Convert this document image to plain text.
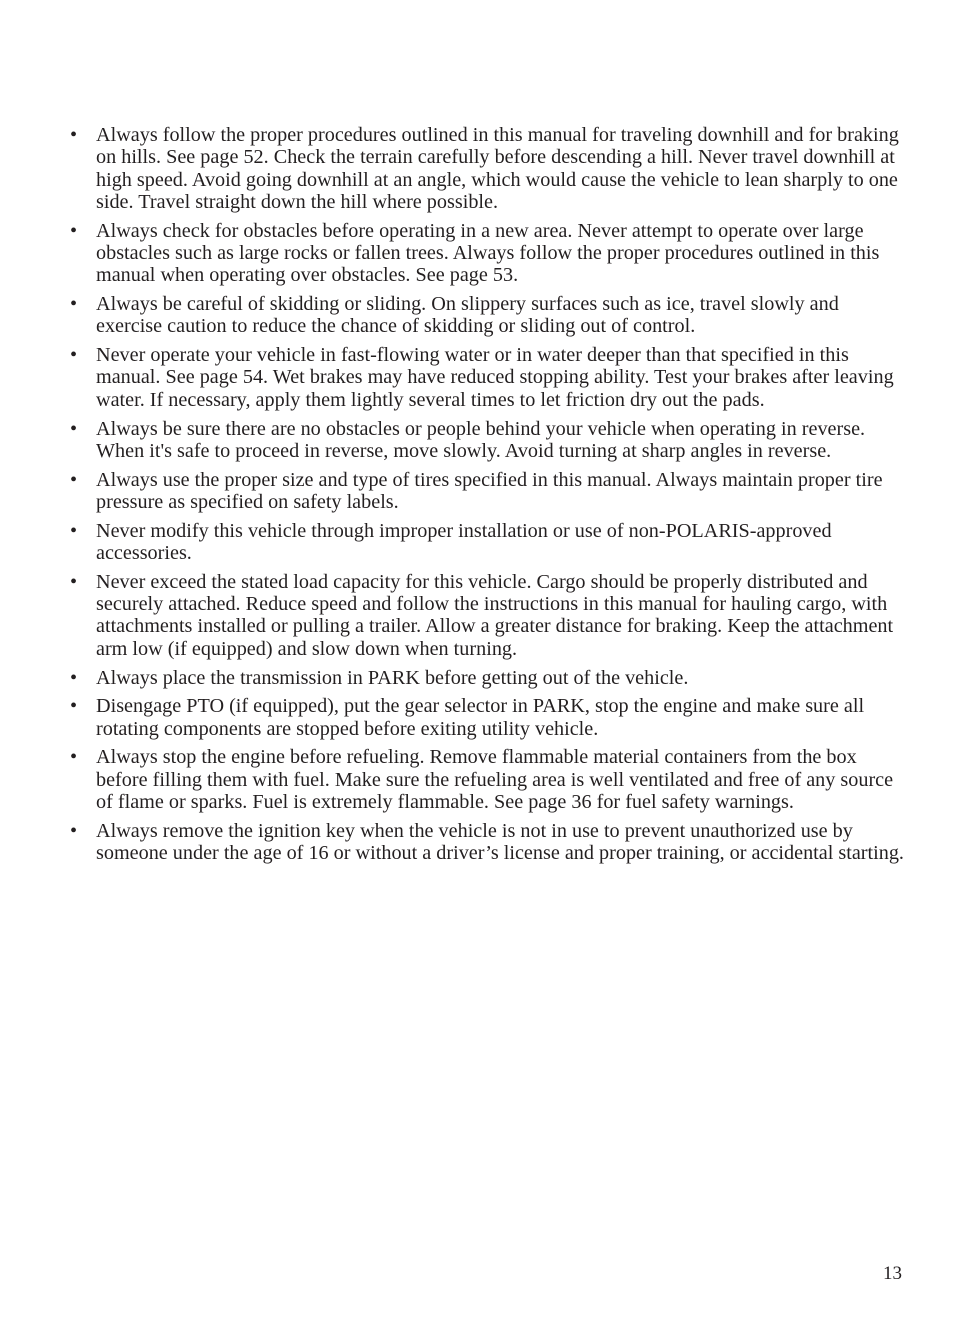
• Always follow the proper procedures outlined in this manual for traveling downhill and for braking on hills. See page 52. Check the terrain carefully before descending a hill. Never travel downhill at high speed. Avoid going downhill at an angle, which would cause the vehicle to lean sharply to one side. Travel straight down the hill where possible.
• Always check for obstacles before operating in a new area. Never attempt to operate over large obstacles such as large rocks or fallen trees. Always follow the proper procedures outlined in this manual when operating over obstacles. See page 53.
• Always be careful of skidding or sliding. On slippery surfaces such as ice, travel slowly and exercise caution to reduce the chance of skidding or sliding out of control.
• Never operate your vehicle in fast-flowing water or in water deeper than that specified in this manual. See page 54. Wet brakes may have reduced stopping ability. Test your brakes after leaving water. If necessary, apply them lightly several times to let friction dry out the pads.
• Always be sure there are no obstacles or people behind your vehicle when operating in reverse. When it's safe to proceed in reverse, move slowly. Avoid turning at sharp angles in reverse.
• Always use the proper size and type of tires specified in this manual. Always maintain proper tire pressure as specified on safety labels.
• Never modify this vehicle through improper installation or use of non-POLARIS-approved accessories.
• Never exceed the stated load capacity for this vehicle. Cargo should be properly distributed and securely attached. Reduce speed and follow the instructions in this manual for hauling cargo, with attachments installed or pulling a trailer. Allow a greater distance for braking. Keep the attachment arm low (if equipped) and slow down when turning.
• Always place the transmission in PARK before getting out of the vehicle.
• Disengage PTO (if equipped), put the gear selector in PARK, stop the engine and make sure all rotating components are stopped before exiting utility vehicle.
• Always stop the engine before refueling. Remove flammable material containers from the box before filling them with fuel. Make sure the refueling area is well ventilated and free of any source of flame or sparks. Fuel is extremely flammable. See page 36 for fuel safety warnings.
• Always remove the ignition key when the vehicle is not in use to prevent unauthorized use by someone under the age of 16 or without a driver’s license and proper training, or accidental starting.
13
